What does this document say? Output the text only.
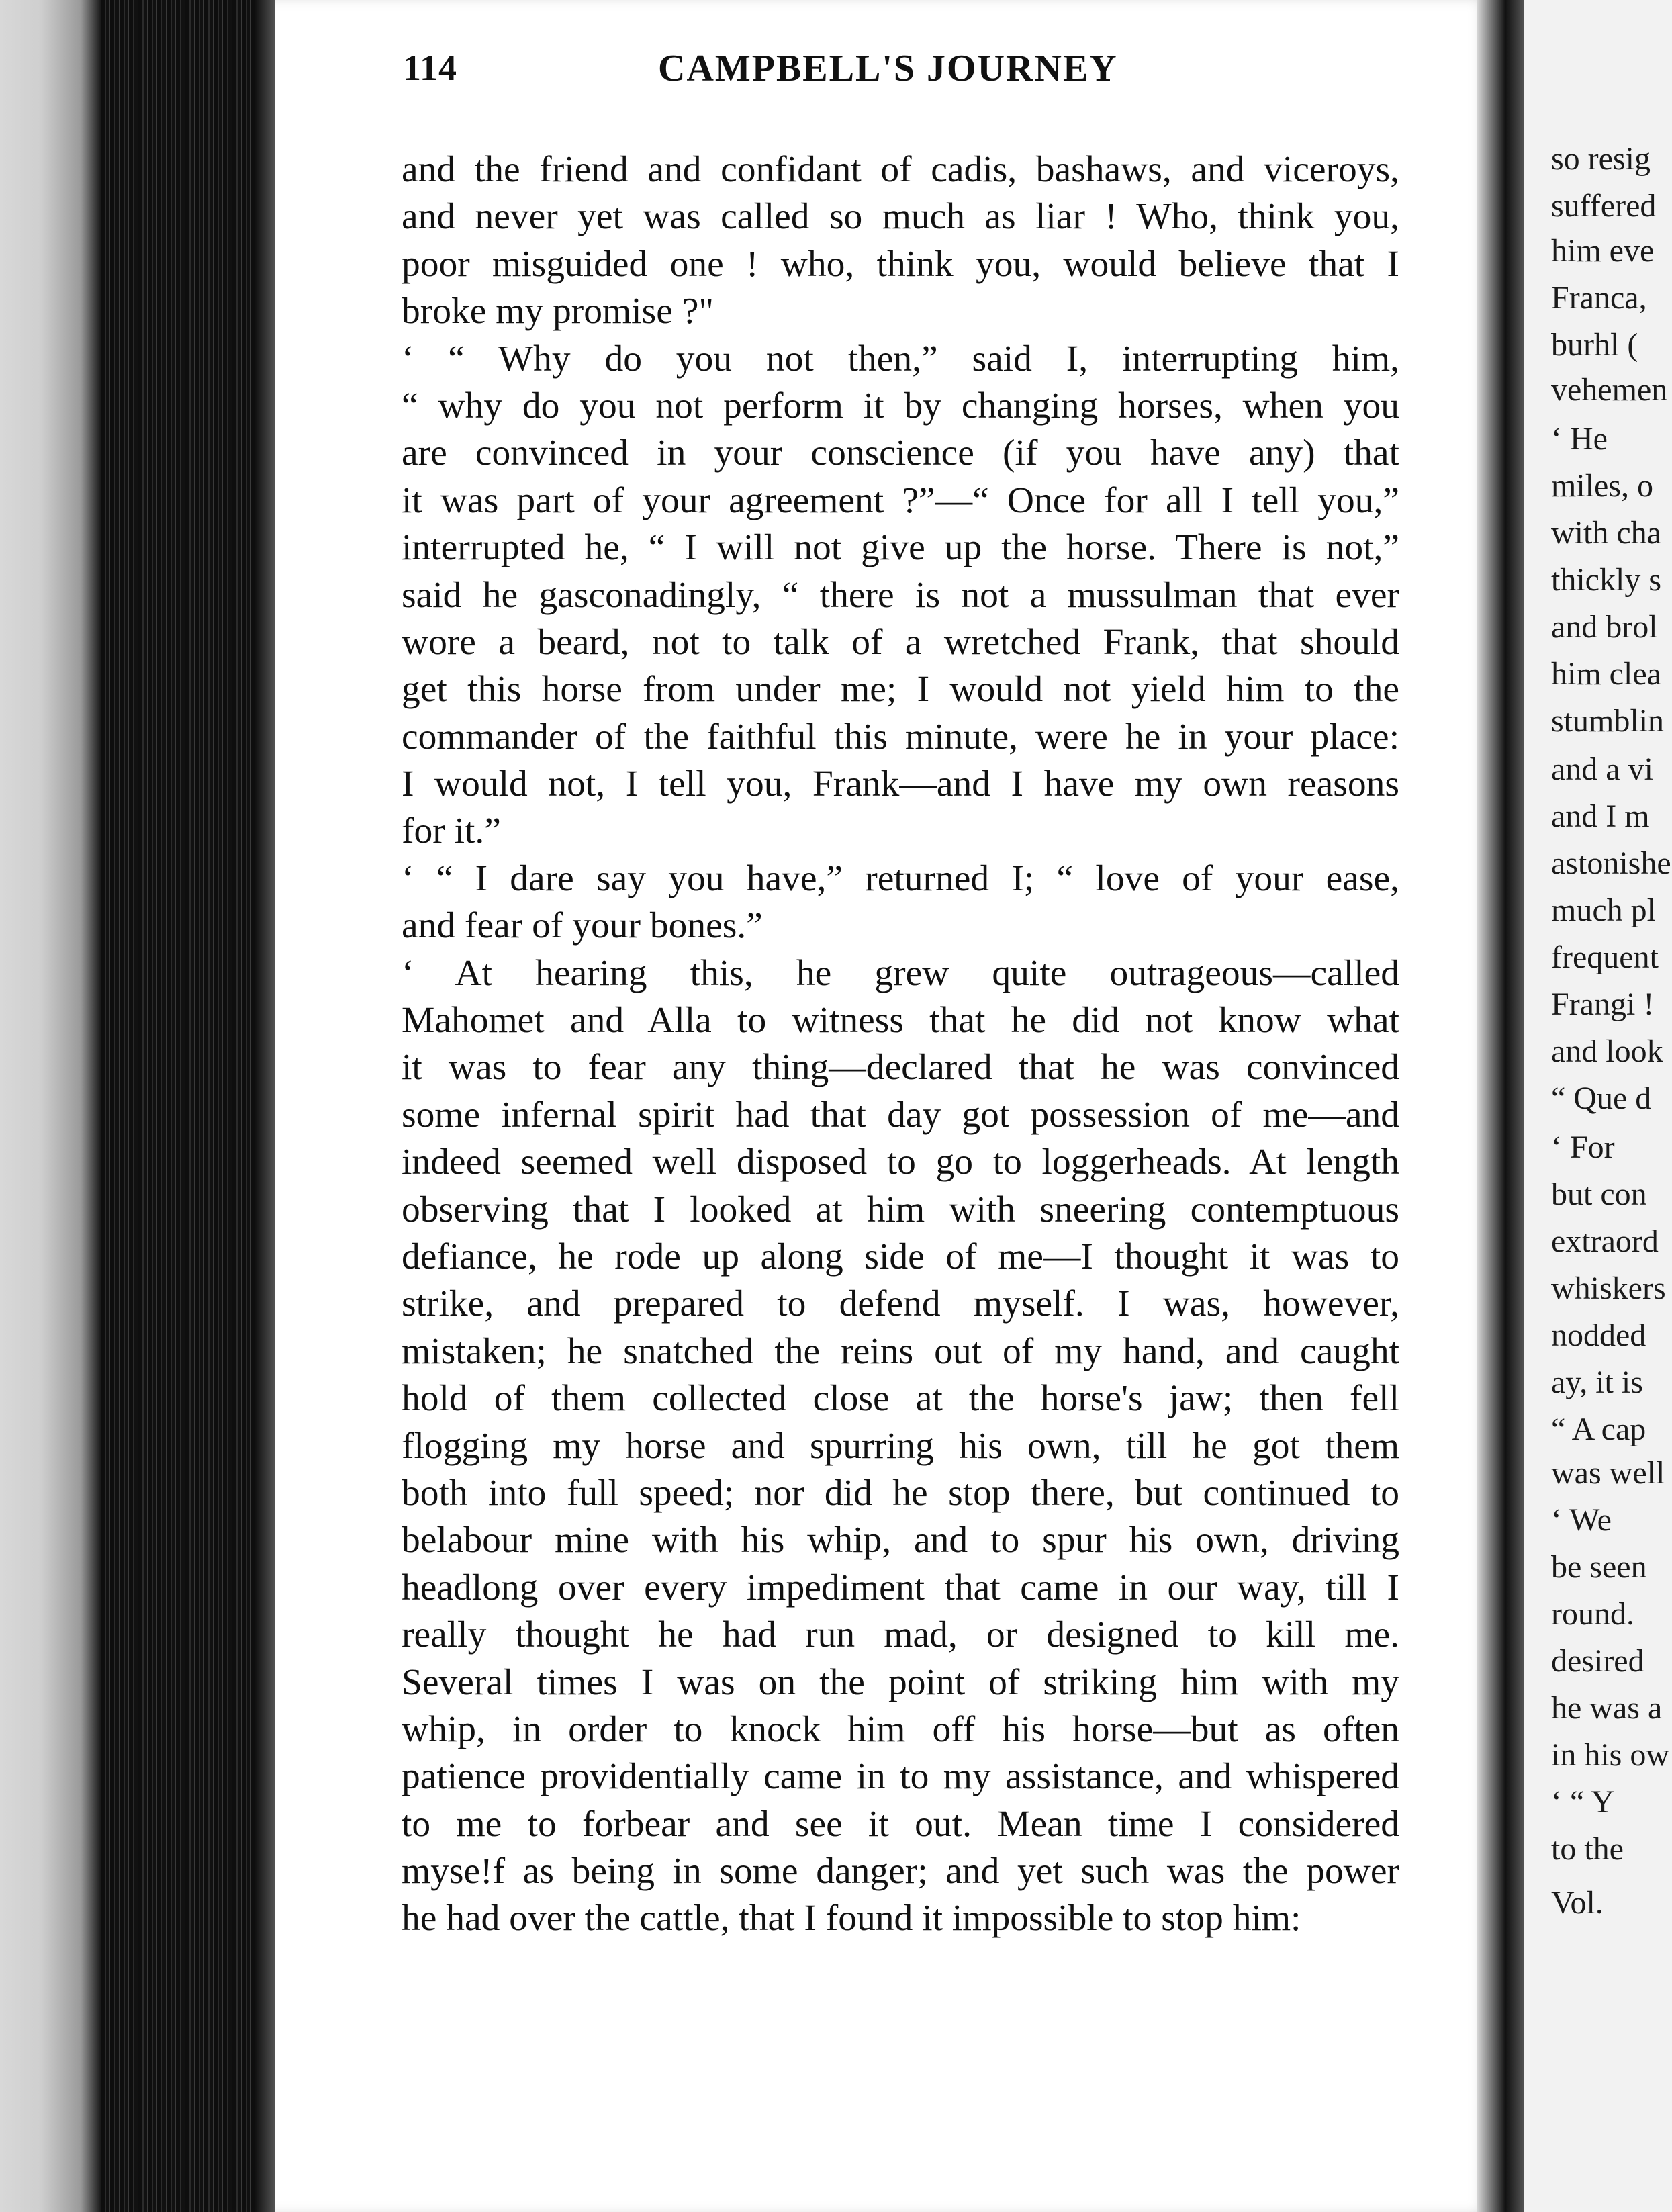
114	CAMPBELL'S JOURNEY
and the friend and confidant of cadis, bashaws, and viceroys,
and never yet was called so much as liar ! Who, think you,
poor misguided one ! who, think you, would believe that I
broke my promise ?"
‘ “ Why do you not then,” said I, interrupting him,
“ why do you not perform it by changing horses, when you
are convinced in your conscience (if you have any) that
it was part of your agreement ?”—“ Once for all I tell you,”
interrupted he, “ I will not give up the horse. There is not,”
said he gasconadingly, “ there is not a mussulman that ever
wore a beard, not to talk of a wretched Frank, that should
get this horse from under me; I would not yield him to the
commander of the faithful this minute, were he in your place:
I would not, I tell you, Frank—and I have my own reasons
for it.”
‘ “ I dare say you have,” returned I; “ love of your ease,
and fear of your bones.”
‘ At hearing this, he grew quite outrageous—called
Mahomet and Alla to witness that he did not know what
it was to fear any thing—declared that he was convinced
some infernal spirit had that day got possession of me—and
indeed seemed well disposed to go to loggerheads. At length
observing that I looked at him with sneering contemptuous
defiance, he rode up along side of me—I thought it was to
strike, and prepared to defend myself. I was, however,
mistaken; he snatched the reins out of my hand, and caught
hold of them collected close at the horse's jaw; then fell
flogging my horse and spurring his own, till he got them
both into full speed; nor did he stop there, but continued to
belabour mine with his whip, and to spur his own, driving
headlong over every impediment that came in our way, till I
really thought he had run mad, or designed to kill me.
Several times I was on the point of striking him with my
whip, in order to knock him off his horse—but as often
patience providentially came in to my assistance, and whispered
to me to forbear and see it out. Mean time I considered
myse!f as being in some danger; and yet such was the power
he had over the cattle, that I found it impossible to stop him:
so resig
suffered
him eve
Franca,
burhl (
vehemen
‘ He
miles, o
with cha
thickly s
and brol
him clea
stumblin
and a vi
and I m
astonishe
much pl
frequent
Frangi !
and look
“ Que d
‘ For
but con
extraord
whiskers
nodded
ay, it is
“ A cap
was well
‘ We
be seen
round.
desired
he was a
in his ow
‘ “ Y
to the
Vol.
